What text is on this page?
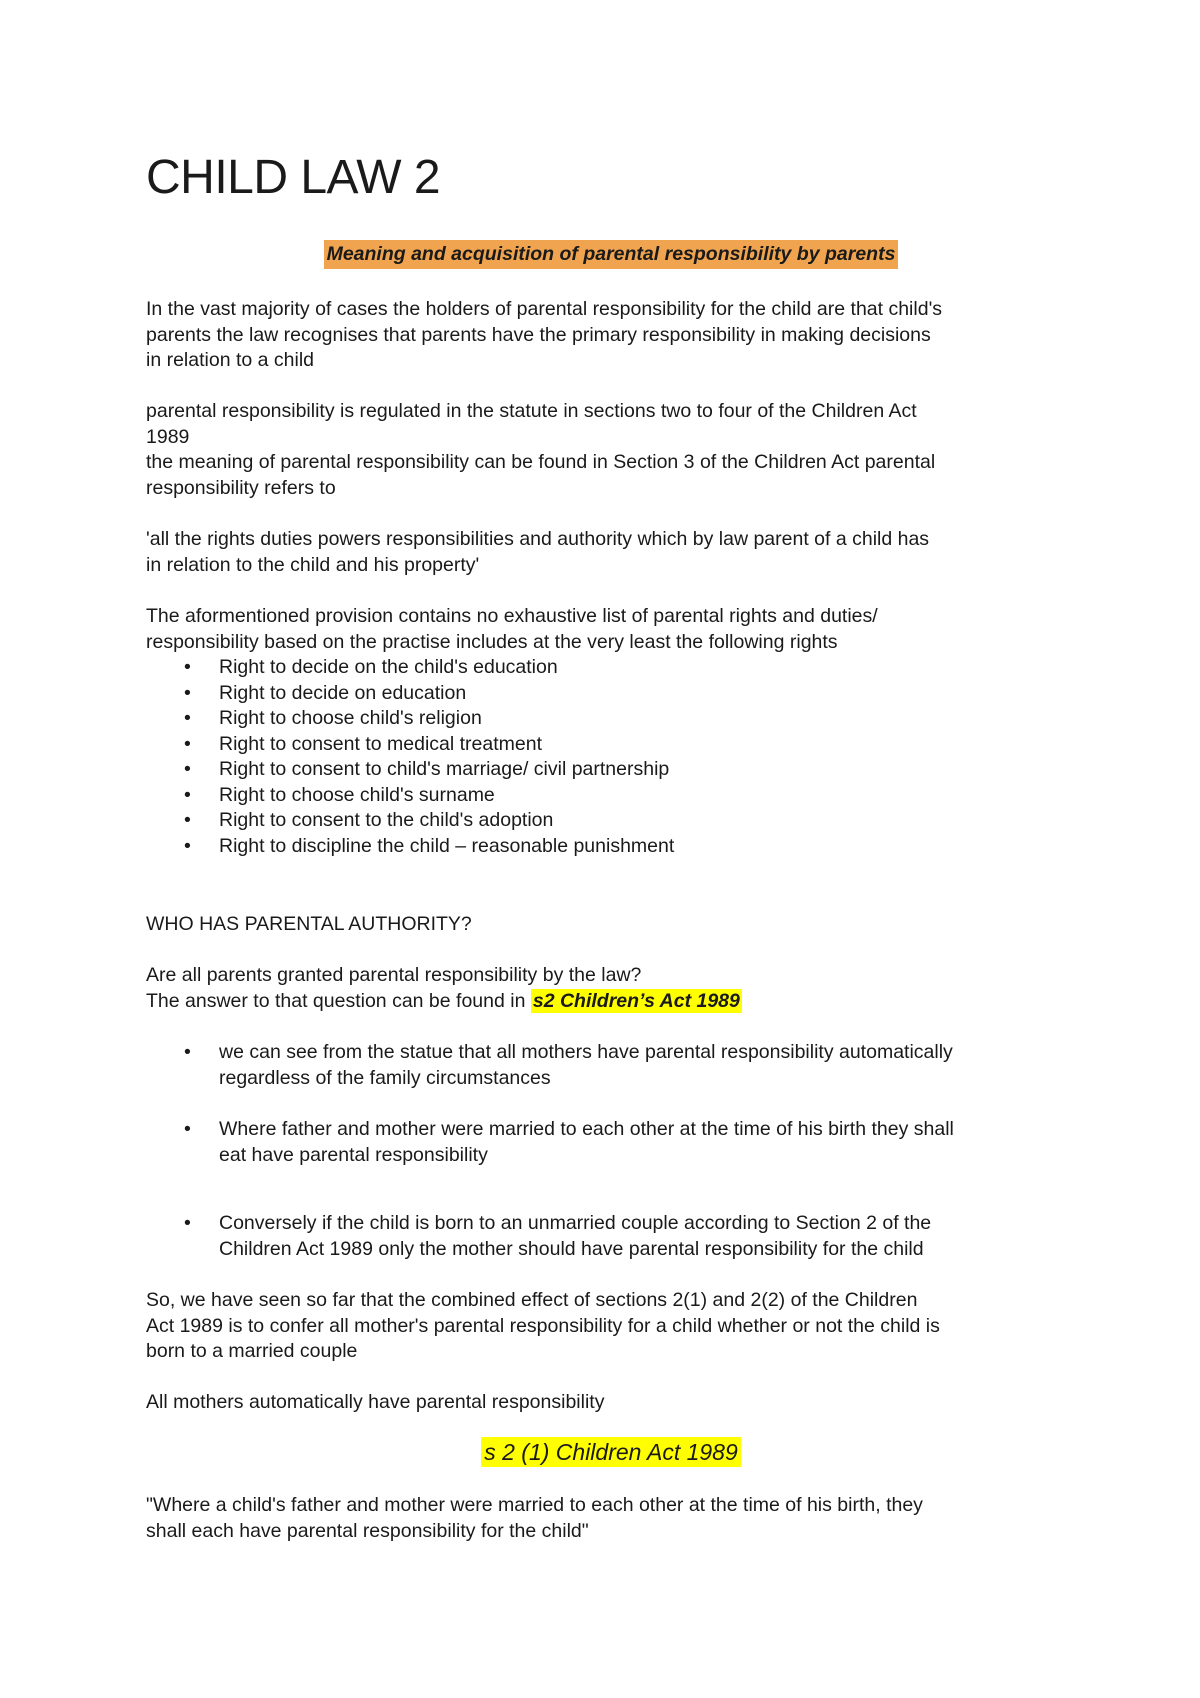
CHILD LAW 2
Meaning and acquisition of parental responsibility by parents
In the vast majority of cases the holders of parental responsibility for the child are that child's
parents the law recognises that parents have the primary responsibility in making decisions
in relation to a child
parental responsibility is regulated in the statute in sections two to four of the Children Act
1989
the meaning of parental responsibility can be found in Section 3 of the Children Act parental
responsibility refers to
'all the rights duties powers responsibilities and authority which by law parent of a child has
in relation to the child and his property'
The aformentioned provision contains no exhaustive list of parental rights and duties/
responsibility based on the practise includes at the very least the following rights
• Right to decide on the child's education
• Right to decide on education
• Right to choose child's religion
• Right to consent to medical treatment
• Right to consent to child's marriage/ civil partnership
• Right to choose child's surname
• Right to consent to the child's adoption
• Right to discipline the child – reasonable punishment
WHO HAS PARENTAL AUTHORITY?
Are all parents granted parental responsibility by the law?
The answer to that question can be found in s2 Children’s Act 1989
• we can see from the statue that all mothers have parental responsibility automatically
regardless of the family circumstances
• Where father and mother were married to each other at the time of his birth they shall
eat have parental responsibility
• Conversely if the child is born to an unmarried couple according to Section 2 of the
Children Act 1989 only the mother should have parental responsibility for the child
So, we have seen so far that the combined effect of sections 2(1) and 2(2) of the Children
Act 1989 is to confer all mother's parental responsibility for a child whether or not the child is
born to a married couple
All mothers automatically have parental responsibility
s 2 (1) Children Act 1989
"Where a child's father and mother were married to each other at the time of his birth, they
shall each have parental responsibility for the child"
